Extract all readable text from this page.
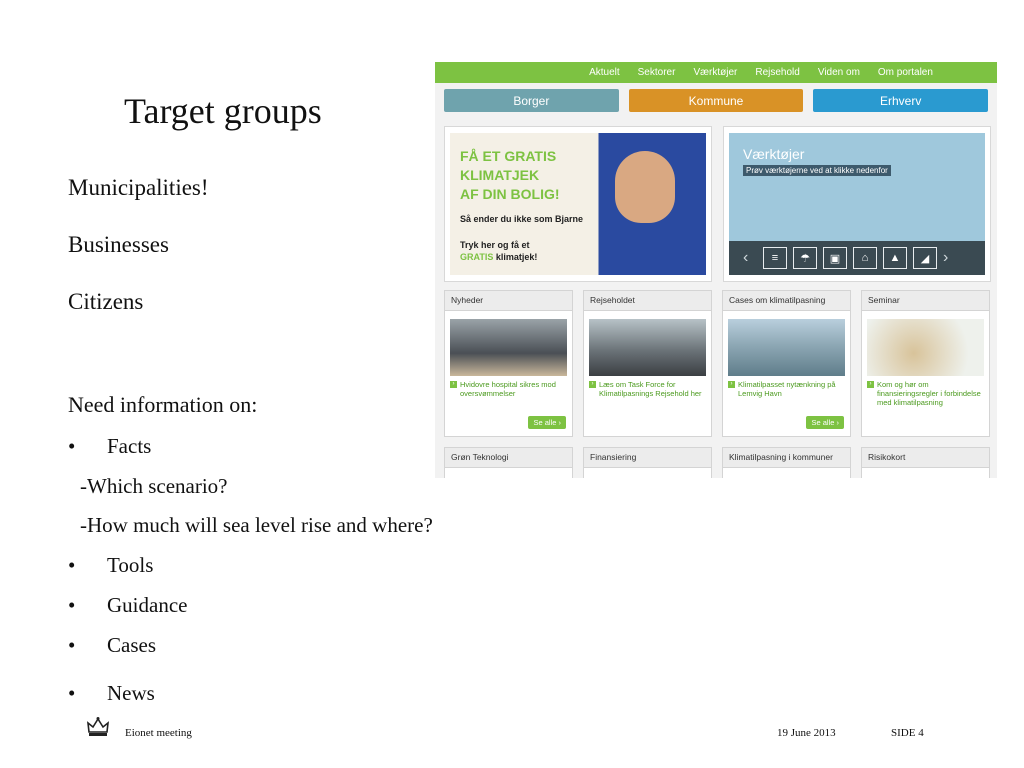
Target groups
Municipalities!
Businesses
Citizens
Need information on:
•	Facts
-Which scenario?
-How much will sea level rise and where?
•	Tools
•	Guidance
•	Cases
•	News
Aktuelt Sektorer Værktøjer Rejsehold Viden om Om portalen
Borger	Kommune	Erhverv
FÅ ET GRATIS
KLIMATJEK
AF DIN BOLIG!
Så ender du ikke som Bjarne
Tryk her og få et
GRATIS klimatjek!
Værktøjer
Prøv værktøjerne ved at klikke nedenfor
‹	≡	☂	▣	⌂	▲	◢ ›
Nyheder
› Hvidovre hospital sikres mod oversvømmelser
Se alle ›
Rejseholdet
› Læs om Task Force for Klimatilpasnings Rejsehold her
Cases om klimatilpasning
› Klimatilpasset nytænkning på Lemvig Havn
Se alle ›
Seminar
› Kom og hør om finansieringsregler i forbindelse med klimatilpasning
Grøn Teknologi	Finansiering	Klimatilpasning i kommuner	Risikokort
Eionet meeting	19 June 2013	SIDE 4
